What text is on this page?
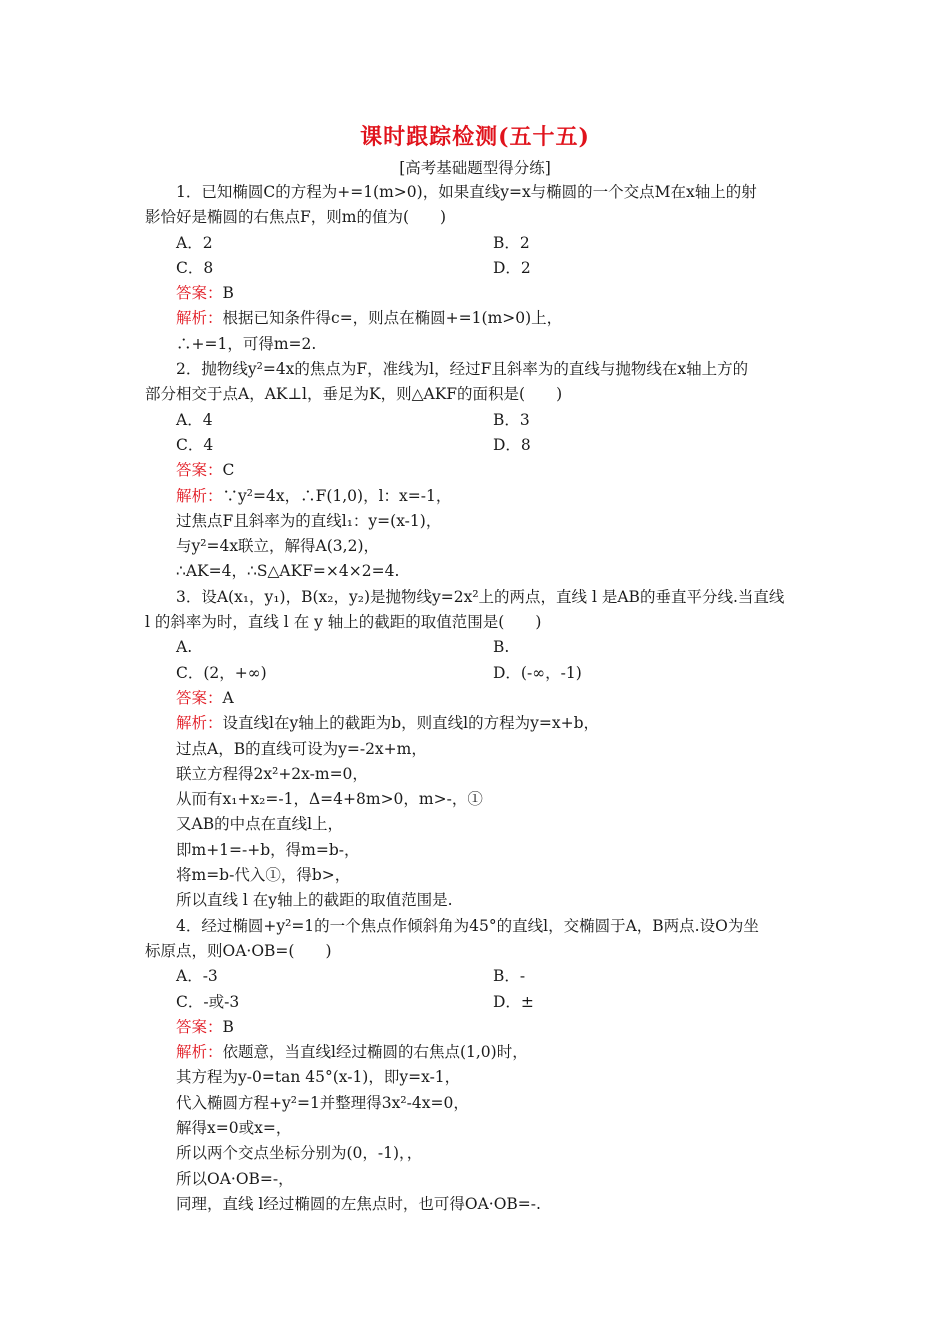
课时跟踪检测(五十五)
[高考基础题型得分练]
1．已知椭圆C的方程为+=1(m>0)，如果直线y=x与椭圆的一个交点M在x轴上的射
影恰好是椭圆的右焦点F，则m的值为(　　)
A．2	B．2
C．8	D．2
答案：B
解析：根据已知条件得c=，则点在椭圆+=1(m>0)上，
∴+=1，可得m=2.
2．抛物线y²=4x的焦点为F，准线为l，经过F且斜率为的直线与抛物线在x轴上方的
部分相交于点A，AK⊥l，垂足为K，则△AKF的面积是(　　)
A．4	B．3
C．4	D．8
答案：C
解析：∵y²=4x，∴F(1,0)，l：x=-1，
过焦点F且斜率为的直线l₁：y=(x-1)，
与y²=4x联立，解得A(3,2)，
∴AK=4，∴S△AKF=×4×2=4.
3．设A(x₁，y₁)，B(x₂，y₂)是抛物线y=2x²上的两点，直线 l 是AB的垂直平分线.当直线
l 的斜率为时，直线 l 在 y 轴上的截距的取值范围是(　　)
A.	B.
C．(2，+∞)	D．(-∞，-1)
答案：A
解析：设直线l在y轴上的截距为b，则直线l的方程为y=x+b，
过点A，B的直线可设为y=-2x+m，
联立方程得2x²+2x-m=0，
从而有x₁+x₂=-1，Δ=4+8m>0，m>-，①
又AB的中点在直线l上，
即m+1=-+b，得m=b-，
将m=b-代入①，得b>，
所以直线 l 在y轴上的截距的取值范围是.
4．经过椭圆+y²=1的一个焦点作倾斜角为45°的直线l，交椭圆于A，B两点.设O为坐
标原点，则OA·OB=(　　)
A．-3	B．-
C．-或-3	D．±
答案：B
解析：依题意，当直线l经过椭圆的右焦点(1,0)时，
其方程为y-0=tan 45°(x-1)，即y=x-1，
代入椭圆方程+y²=1并整理得3x²-4x=0，
解得x=0或x=，
所以两个交点坐标分别为(0，-1)，，
所以OA·OB=-，
同理，直线 l经过椭圆的左焦点时，也可得OA·OB=-.
